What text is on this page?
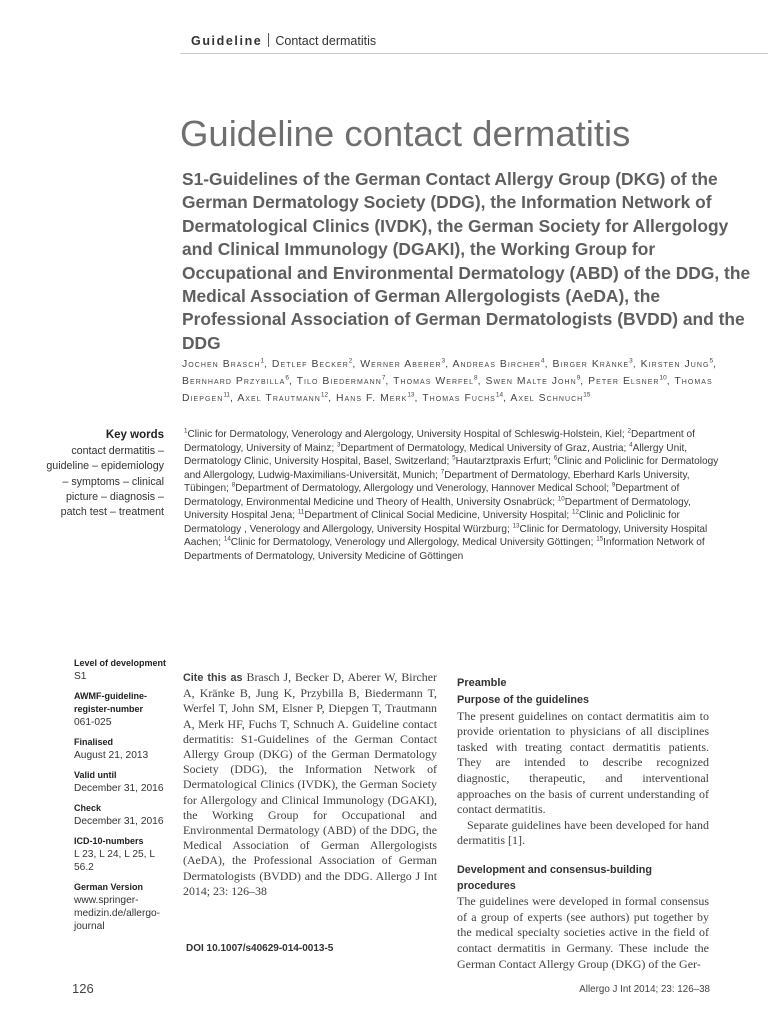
Guideline Contact dermatitis
Guideline contact dermatitis
S1-Guidelines of the German Contact Allergy Group (DKG) of the German Dermatology Society (DDG), the Information Network of Dermatological Clinics (IVDK), the German Society for Allergology and Clinical Immunology (DGAKI), the Working Group for Occupational and Environmental Dermatology (ABD) of the DDG, the Medical Association of German Allergologists (AeDA), the Professional Association of German Dermatologists (BVDD) and the DDG
Jochen Brasch$^1$, Detlef Becker$^2$, Werner Aberer$^3$, Andreas Bircher$^4$, Birger Kränke$^3$, Kirsten Jung$^5$, Bernhard Przybilla$^6$, Tilo Biedermann$^7$, Thomas Werfel$^8$, Swen Malte John$^9$, Peter Elsner$^{10}$, Thomas Diepgen$^{11}$, Axel Trautmann$^{12}$, Hans F. Merk$^{13}$, Thomas Fuchs$^{14}$, Axel Schnuch$^{15}$
Key words
contact dermatitis – guideline – epidemiology – symptoms – clinical picture – diagnosis – patch test – treatment
$^1$Clinic for Dermatology, Venerology and Alergology, University Hospital of Schleswig-Holstein, Kiel; $^2$Department of Dermatology, University of Mainz; $^3$Department of Dermatology, Medical University of Graz, Austria; $^4$Allergy Unit, Dermatology Clinic, University Hospital, Basel, Switzerland; $^5$Hautarztpraxis Erfurt; $^6$Clinic and Policlinic for Dermatology and Allergology, Ludwig-Maximilians-Universität, Munich; $^7$Department of Dermatology, Eberhard Karls University, Tübingen; $^8$Department of Dermatology, Allergology und Venerology, Hannover Medical School; $^9$Department of Dermatology, Environmental Medicine und Theory of Health, University Osnabrück; $^{10}$Department of Dermatology, University Hospital Jena; $^{11}$Department of Clinical Social Medicine, University Hospital; $^{12}$Clinic and Policlinic for Dermatology , Venerology and Allergology, University Hospital Würzburg; $^{13}$Clinic for Dermatology, University Hospital Aachen; $^{14}$Clinic for Dermatology, Venerology und Allergology, Medical University Göttingen; $^{15}$Information Network of Departments of Dermatology, University Medicine of Göttingen
Level of development
S1
AWMF-guideline-register-number
061-025
Finalised
August 21, 2013
Valid until
December 31, 2016
Check
December 31, 2016
ICD-10-numbers
L 23, L 24, L 25, L 56.2
German Version
www.springer-medizin.de/allergo-journal
Cite this as Brasch J, Becker D, Aberer W, Bircher A, Kränke B, Jung K, Przybilla B, Biedermann T, Werfel T, John SM, Elsner P, Diepgen T, Trautmann A, Merk HF, Fuchs T, Schnuch A. Guideline contact dermatitis: S1-Guidelines of the German Contact Allergy Group (DKG) of the German Dermatology Society (DDG), the Information Network of Dermatological Clinics (IVDK), the German Society for Allergology and Clinical Immunology (DGAKI), the Working Group for Occupational and Environmental Dermatology (ABD) of the DDG, the Medical Association of German Allergologists (AeDA), the Professional Association of German Dermatologists (BVDD) and the DDG. Allergo J Int 2014; 23: 126–38
DOI 10.1007/s40629-014-0013-5
Preamble
Purpose of the guidelines

The present guidelines on contact dermatitis aim to provide orientation to physicians of all disciplines tasked with treating contact dermatitis patients. They are intended to describe recognized diagnostic, therapeutic, and interventional approaches on the basis of current understanding of contact dermatitis.

Separate guidelines have been developed for hand dermatitis [1].

Development and consensus-building procedures

The guidelines were developed in formal consensus of a group of experts (see authors) put together by the medical specialty societies active in the field of contact dermatitis in Germany. These include the German Contact Allergy Group (DKG) of the Ger-

126	Allergo J Int 2014; 23: 126–38
